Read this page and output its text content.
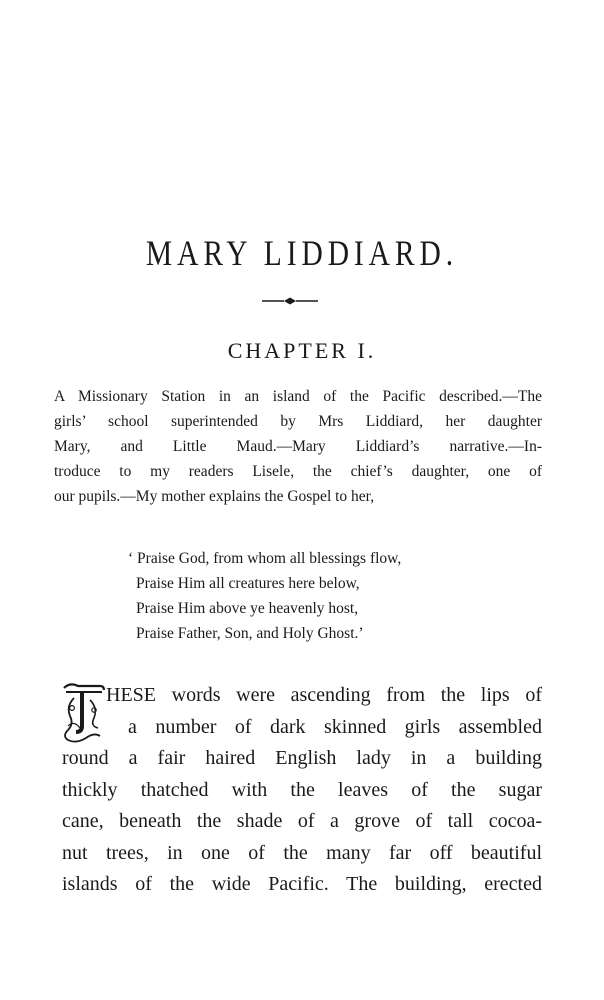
MARY LIDDIARD.
CHAPTER I.
A Missionary Station in an island of the Pacific described.—The
girls’ school superintended by Mrs Liddiard, her daughter
Mary, and Little Maud.—Mary Liddiard’s narrative.—In-
troduce to my readers Lisele, the chief’s daughter, one of
our pupils.—My mother explains the Gospel to her,
‘ Praise God, from whom all blessings flow,
Praise Him all creatures here below,
Praise Him above ye heavenly host,
Praise Father, Son, and Holy Ghost.’
T
HESE words were ascending from the lips of
a number of dark skinned girls assembled
round a fair haired English lady in a building
thickly thatched with the leaves of the sugar
cane, beneath the shade of a grove of tall cocoa-
nut trees, in one of the many far off beautiful
islands of the wide Pacific. The building, erected
